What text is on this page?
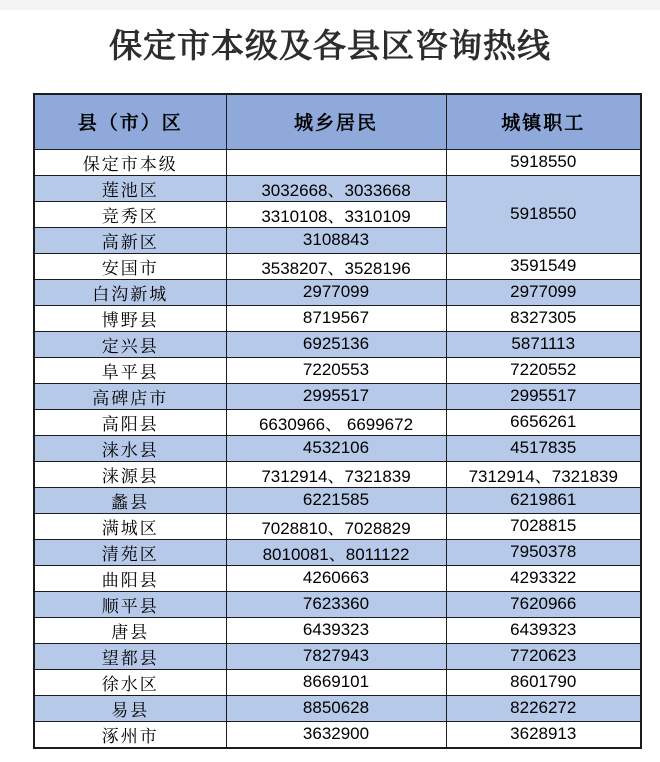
保定市本级及各县区咨询热线
县（市）区	城乡居民	城镇职工
保定市本级		5918550
莲池区	3032668、3033668	5918550
竞秀区	3310108、3310109	
高新区	3108843	
安国市	3538207、3528196	3591549
白沟新城	2977099	2977099
博野县	8719567	8327305
定兴县	6925136	5871113
阜平县	7220553	7220552
高碑店市	2995517	2995517
高阳县	6630966、 6699672	6656261
涞水县	4532106	4517835
涞源县	7312914、7321839	7312914、7321839
蠡县	6221585	6219861
满城区	7028810、7028829	7028815
清苑区	8010081、8011122	7950378
曲阳县	4260663	4293322
顺平县	7623360	7620966
唐县	6439323	6439323
望都县	7827943	7720623
徐水区	8669101	8601790
易县	8850628	8226272
涿州市	3632900	3628913
